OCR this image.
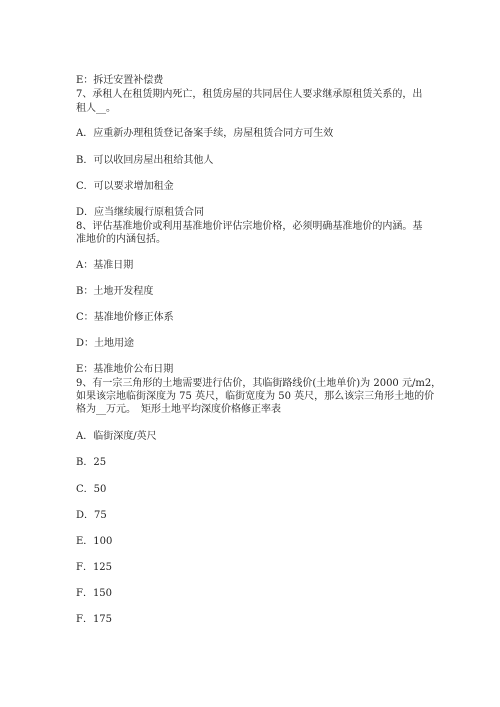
E：拆迁安置补偿费
7、承租人在租赁期内死亡，租赁房屋的共同居住人要求继承原租赁关系的，出
租人__。
A．应重新办理租赁登记备案手续，房屋租赁合同方可生效
B．可以收回房屋出租给其他人
C．可以要求增加租金
D．应当继续履行原租赁合同
8、评估基准地价或利用基准地价评估宗地价格，必须明确基准地价的内涵。基
准地价的内涵包括。
A：基准日期
B：土地开发程度
C：基准地价修正体系
D：土地用途
E：基准地价公布日期
9、有一宗三角形的土地需要进行估价，其临街路线价(土地单价)为 2000 元/m2，
如果该宗地临街深度为 75 英尺，临街宽度为 50 英尺，那么该宗三角形土地的价
格为__万元。　矩形土地平均深度价格修正率表
A．临街深度/英尺
B．25
C．50
D．75
E．100
F．125
F．150
F．175
